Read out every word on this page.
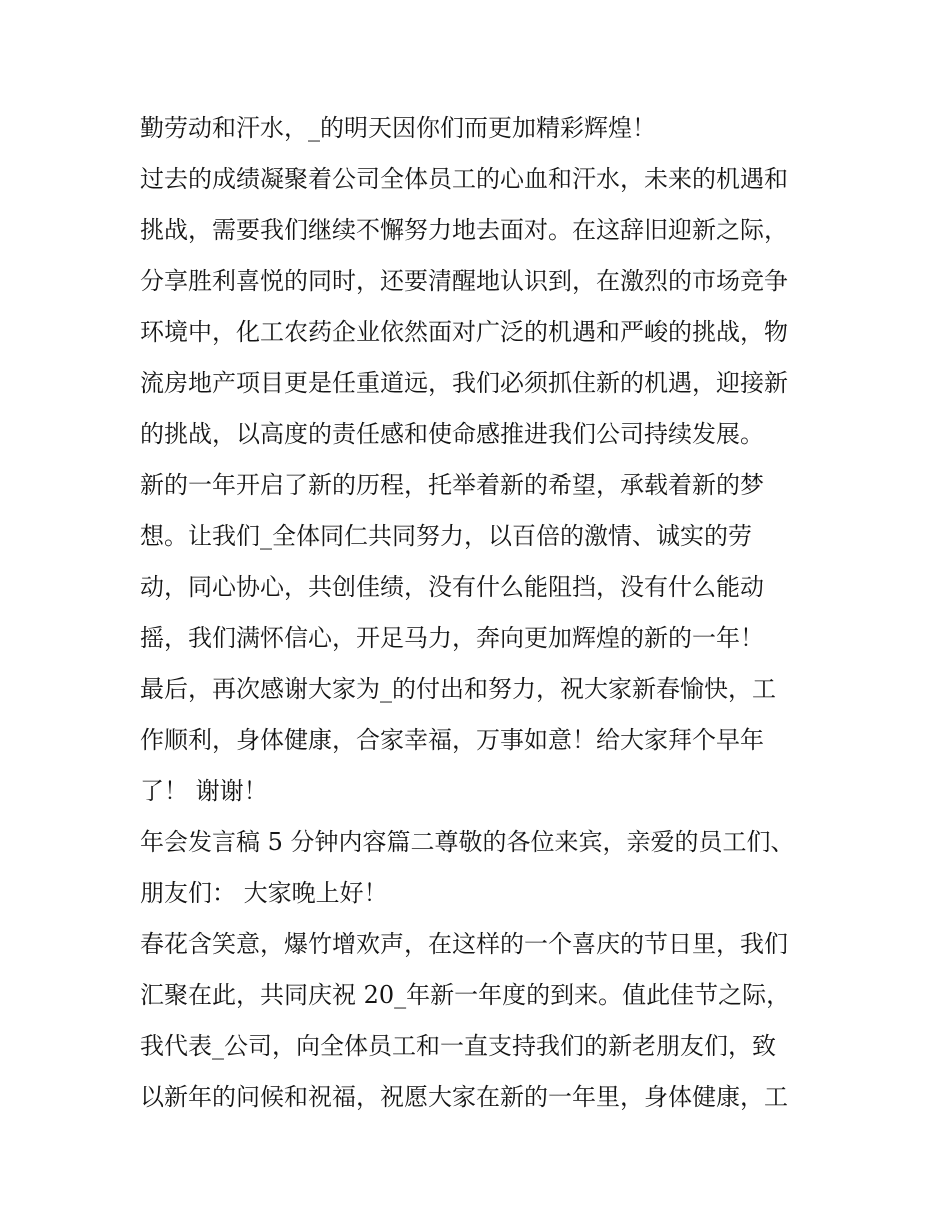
勤劳动和汗水，_的明天因你们而更加精彩辉煌！

过去的成绩凝聚着公司全体员工的心血和汗水，未来的机遇和

挑战，需要我们继续不懈努力地去面对。在这辞旧迎新之际，

分享胜利喜悦的同时，还要清醒地认识到，在激烈的市场竞争

环境中，化工农药企业依然面对广泛的机遇和严峻的挑战，物

流房地产项目更是任重道远，我们必须抓住新的机遇，迎接新

的挑战，以高度的责任感和使命感推进我们公司持续发展。

新的一年开启了新的历程，托举着新的希望，承载着新的梦

想。让我们_全体同仁共同努力，以百倍的激情、诚实的劳

动，同心协心，共创佳绩，没有什么能阻挡，没有什么能动

摇，我们满怀信心，开足马力，奔向更加辉煌的新的一年！

最后，再次感谢大家为_的付出和努力，祝大家新春愉快，工

作顺利，身体健康，合家幸福，万事如意！给大家拜个早年

了！ 谢谢！

年会发言稿 5 分钟内容篇二尊敬的各位来宾，亲爱的员工们、

朋友们： 大家晚上好！

春花含笑意，爆竹增欢声，在这样的一个喜庆的节日里，我们

汇聚在此，共同庆祝 20_年新一年度的到来。值此佳节之际，

我代表_公司，向全体员工和一直支持我们的新老朋友们，致

以新年的问候和祝福，祝愿大家在新的一年里，身体健康，工
